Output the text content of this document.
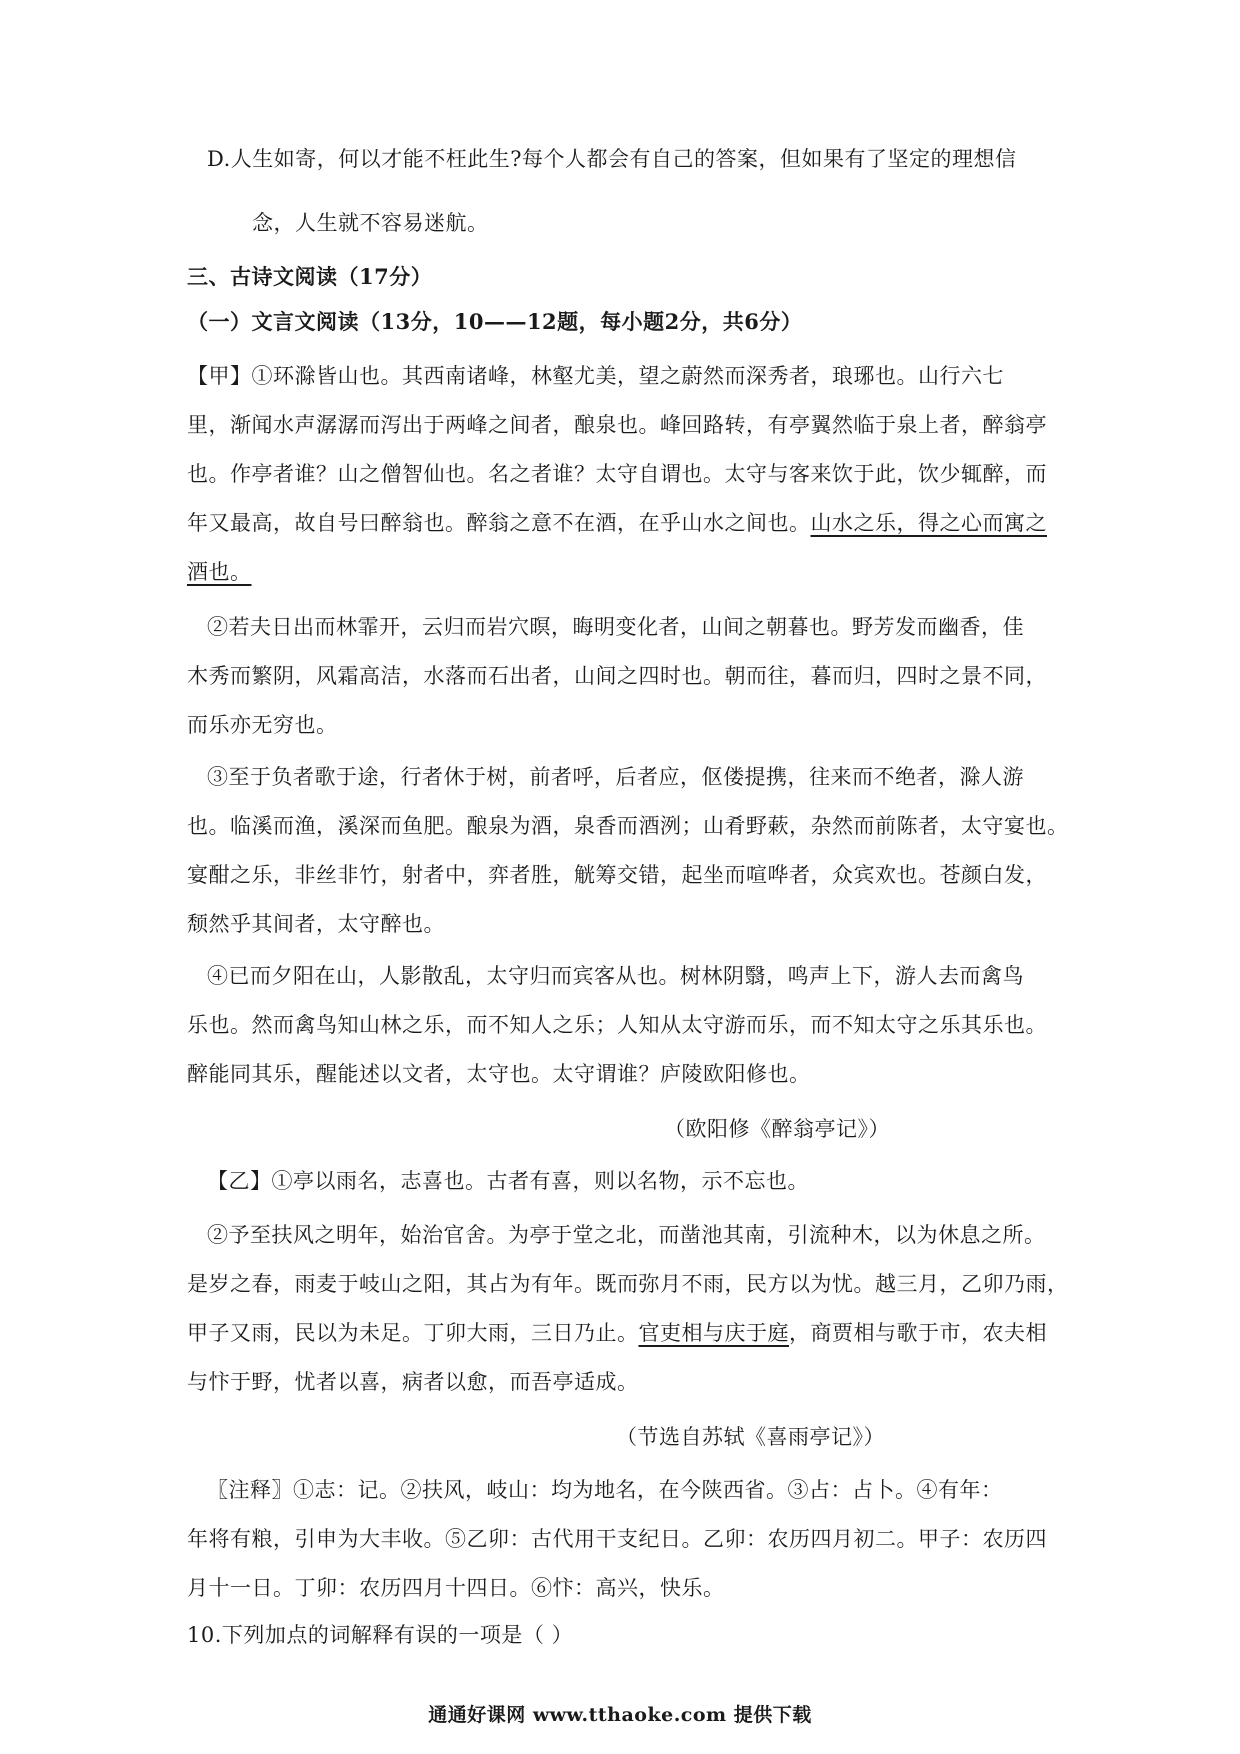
D.人生如寄，何以才能不枉此生?每个人都会有自己的答案，但如果有了坚定的理想信
念，人生就不容易迷航。
三、古诗文阅读（17分）
（一）文言文阅读（13分，10——12题，每小题2分，共6分）
【甲】①环滁皆山也。其西南诸峰，林壑尤美，望之蔚然而深秀者，琅琊也。山行六七
里，渐闻水声潺潺而泻出于两峰之间者，酿泉也。峰回路转，有亭翼然临于泉上者，醉翁亭
也。作亭者谁？山之僧智仙也。名之者谁？太守自谓也。太守与客来饮于此，饮少辄醉，而
年又最高，故自号曰醉翁也。醉翁之意不在酒，在乎山水之间也。山水之乐，得之心而寓之
酒也。
②若夫日出而林霏开，云归而岩穴暝，晦明变化者，山间之朝暮也。野芳发而幽香，佳
木秀而繁阴，风霜高洁，水落而石出者，山间之四时也。朝而往，暮而归，四时之景不同，
而乐亦无穷也。
③至于负者歌于途，行者休于树，前者呼，后者应，伛偻提携，往来而不绝者，滁人游
也。临溪而渔，溪深而鱼肥。酿泉为酒，泉香而酒洌；山肴野蔌，杂然而前陈者，太守宴也。
宴酣之乐，非丝非竹，射者中，弈者胜，觥筹交错，起坐而喧哗者，众宾欢也。苍颜白发，
颓然乎其间者，太守醉也。
④已而夕阳在山，人影散乱，太守归而宾客从也。树林阴翳，鸣声上下，游人去而禽鸟
乐也。然而禽鸟知山林之乐，而不知人之乐；人知从太守游而乐，而不知太守之乐其乐也。
醉能同其乐，醒能述以文者，太守也。太守谓谁？庐陵欧阳修也。
（欧阳修《醉翁亭记》）
【乙】①亭以雨名，志喜也。古者有喜，则以名物，示不忘也。
②予至扶风之明年，始治官舍。为亭于堂之北，而凿池其南，引流种木，以为休息之所。
是岁之春，雨麦于岐山之阳，其占为有年。既而弥月不雨，民方以为忧。越三月，乙卯乃雨，
甲子又雨，民以为未足。丁卯大雨，三日乃止。官吏相与庆于庭，商贾相与歌于市，农夫相
与忭于野，忧者以喜，病者以愈，而吾亭适成。
（节选自苏轼《喜雨亭记》）
〖注释〗①志：记。②扶风，岐山：均为地名，在今陕西省。③占：占卜。④有年：
年将有粮，引申为大丰收。⑤乙卯：古代用干支纪日。乙卯：农历四月初二。甲子：农历四
月十一日。丁卯：农历四月十四日。⑥忭：高兴，快乐。
10.下列加点的词解释有误的一项是（ ）
通通好课网 www.tthaoke.com 提供下载
